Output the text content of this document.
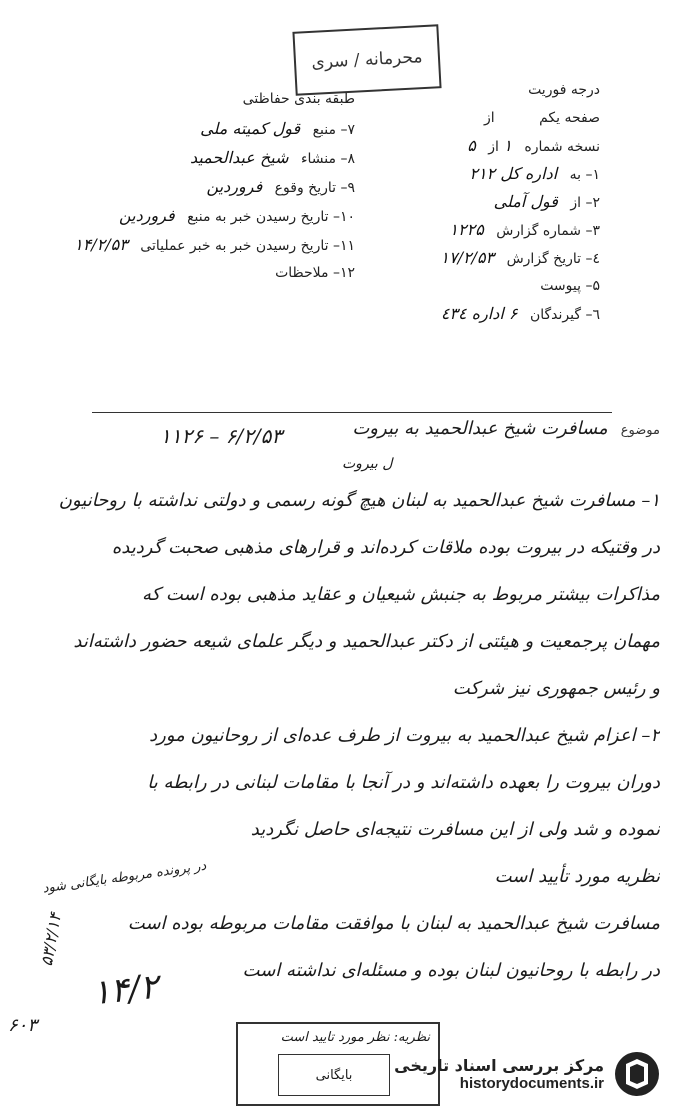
محرمانه / سری
درجه فوریت
صفحه یکم از
نسخه شماره ۱ از ۵
۱– به اداره کل ۲۱۲
۲– از قول آملی
۳– شماره گزارش ۱۲۲۵
٤– تاریخ گزارش ۱۷/۲/۵۳
۵– پیوست
٦– گیرندگان ۶ اداره ٤٣٤
طبقه بندی حفاظتی
۷– منبع قول کمیته ملی
۸– منشاء شیخ عبدالحمید
۹– تاریخ وقوع فروردین
۱۰– تاریخ رسیدن خبر به منبع فروردین
۱۱– تاریخ رسیدن خبر به خبر عملیاتی ۱۴/۲/۵۳
۱۲– ملاحظات
موضوع مسافرت شیخ عبدالحمید به بیروت
۱۱۲۶ – ۶/۲/۵۳
ل بیروت
۱– مسافرت شیخ عبدالحمید به لبنان هیچ گونه رسمی و دولتی نداشته با روحانیون
در وقتیکه در بیروت بوده ملاقات کرده‌اند و قرارهای مذهبی صحبت گردیده
مذاکرات بیشتر مربوط به جنبش شیعیان و عقاید مذهبی بوده است که
مهمان پرجمعیت و هیئتی از دکتر عبدالحمید و دیگر علمای شیعه حضور داشته‌اند
و رئیس جمهوری نیز شرکت
۲– اعزام شیخ عبدالحمید به بیروت از طرف عده‌ای از روحانیون مورد
دوران بیروت را بعهده داشته‌اند و در آنجا با مقامات لبنانی در رابطه با
نموده و شد ولی از این مسافرت نتیجه‌ای حاصل نگردید
نظریه مورد تأیید است
مسافرت شیخ عبدالحمید به لبنان با موافقت مقامات مربوطه بوده است
در رابطه با روحانیون لبنان بوده و مسئله‌ای نداشته است
در پرونده مربوطه بایگانی شود
۵۳/۲/۱۴
۱۴/۲
۶۰۳
نظریه: نظر مورد تایید است
بایگانی	مرکز بررسی اسناد تاریخی
historydocuments.ir
